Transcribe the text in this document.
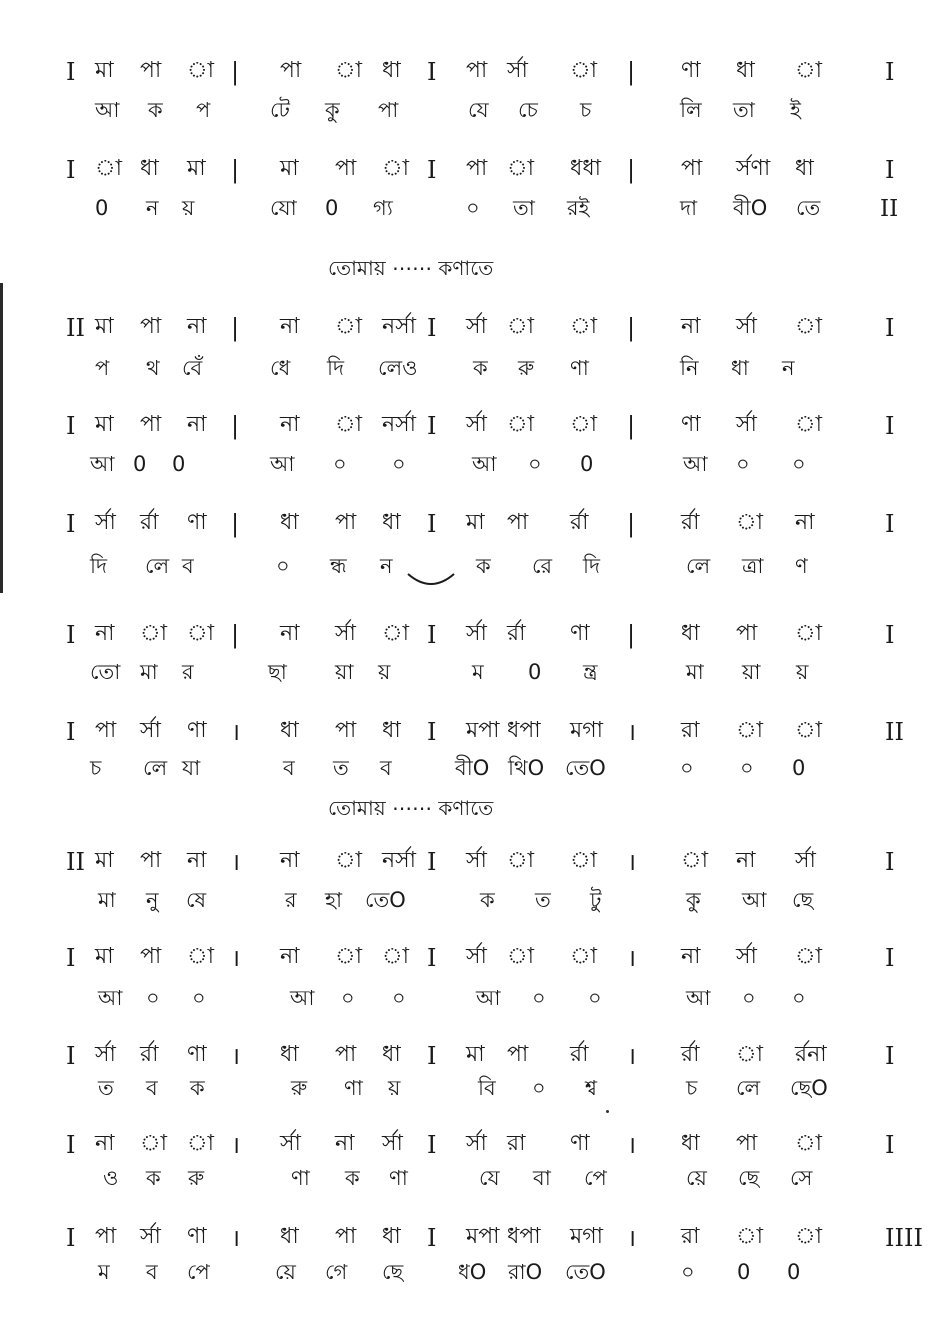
তোমায় ⋯⋯ কণাতে
তোমায় ⋯⋯ কণাতে
I মা পা া | পা া ধা I পা র্সা া | ণা ধা া	I
আ ক প	টে কু পা	যে চে চ	লি তা ই
I া ধা মা | মা পা া I পা া ধধা | পা র্সণা ধা	I
0 ন য়	যো 0 গ্য	০ তা রই	দা বীO তে	II
II মা পা না | না া নর্সা I র্সা া া | না র্সা া	I
প থ বেঁ	ধে দি লেও	ক রু ণা	নি ধা ন
I মা পা না | না া নর্সা I র্সা া া | ণা র্সা া	I
আ 0 0	আ ০ ০	আ ০ 0	আ ০ ০
I র্সা র্রা ণা | ধা পা ধা I মা পা র্রা | র্রা া না	I
দি লে ব	০ ন্ধ ন	ক রে দি	লে ত্রা ণ
I না া া | না র্সা া I র্সা র্রা ণা | ধা পা া	I
তো মা র	ছা য়া য়	ম 0 ন্ত্র	মা য়া য়
I পা র্সা ণা । ধা পা ধা I মপা ধপা মগা । রা া া	II
চ লে যা	ব ত ব	বীO থিO তেO	০ ০ 0
II মা পা না । না া নর্সা I র্সা া া । া না র্সা	I
মা নু ষে	র হা তেO	ক ত টু	কু আ ছে
I মা পা া । না া া I র্সা া া । না র্সা া	I
আ ০ ০	আ ০ ০	আ ০ ০	আ ০ ০
I র্সা র্রা ণা । ধা পা ধা I মা পা র্রা । র্রা া র্রনা I
ত ব ক	রু ণা য়	বি ০ শ্ব	চ লে ছেO
I না া া । র্সা না র্সা I র্সা রা ণা । ধা পা া	I
ও ক রু	ণা ক ণা	যে বা পে	য়ে ছে সে
I পা র্সা ণা । ধা পা ধা I মপা ধপা মগা । রা া া	IIII
ম ব পে	য়ে গে ছে	ধO রাO তেO	০ 0 0
